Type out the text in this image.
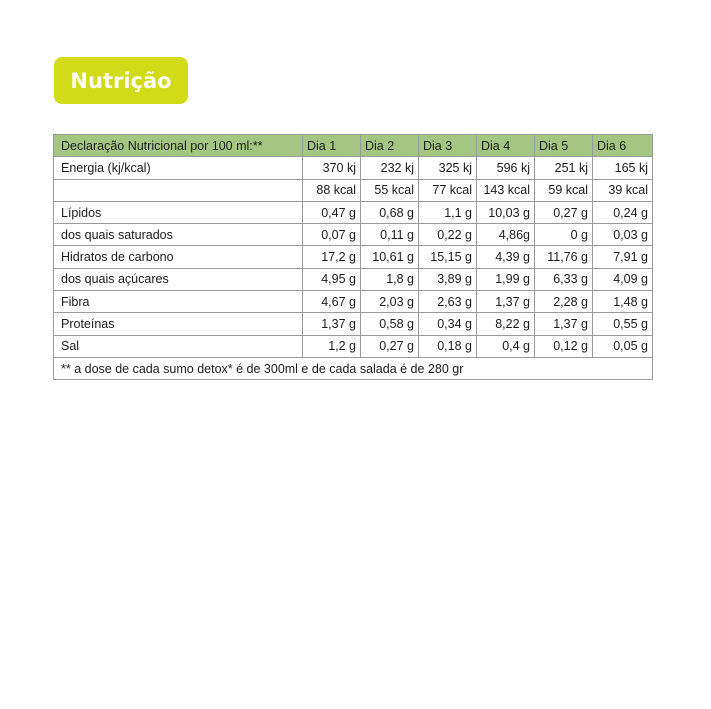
Nutrição
Declaração Nutricional por 100 ml:**	Dia 1	Dia 2	Dia 3	Dia 4	Dia 5	Dia 6
Energia (kj/kcal)	370 kj	232 kj	325 kj	596 kj	251 kj	165 kj
	88 kcal	55 kcal	77 kcal	143 kcal	59 kcal	39 kcal
Lípidos	0,47 g	0,68 g	1,1 g	10,03 g	0,27 g	0,24 g
dos quais saturados	0,07 g	0,11 g	0,22 g	4,86g	0 g	0,03 g
Hidratos de carbono	17,2 g	10,61 g	15,15 g	4,39 g	11,76 g	7,91 g
dos quais açúcares	4,95 g	1,8 g	3,89 g	1,99 g	6,33 g	4,09 g
Fibra	4,67 g	2,03 g	2,63 g	1,37 g	2,28 g	1,48 g
Proteínas	1,37 g	0,58 g	0,34 g	8,22 g	1,37 g	0,55 g
Sal	1,2 g	0,27 g	0,18 g	0,4 g	0,12 g	0,05 g
** a dose de cada sumo detox* é de 300ml e de cada salada é de 280 gr						
